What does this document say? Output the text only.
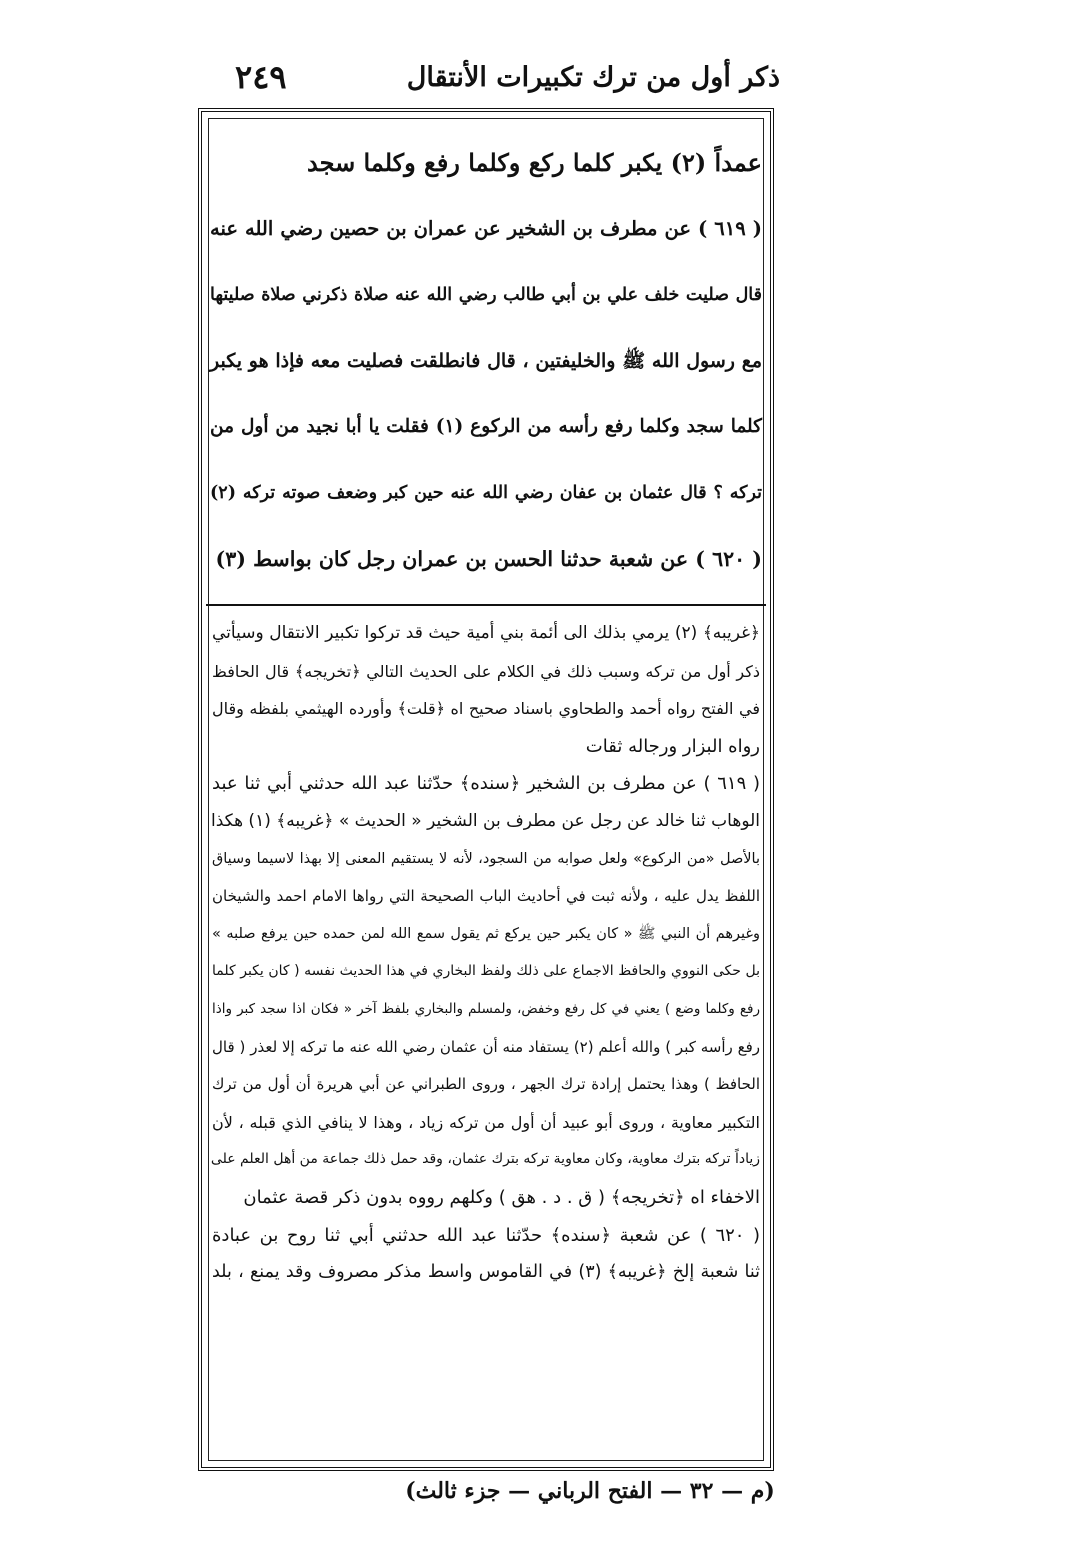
ذكر أول من ترك تكبيرات الأنتقال
٢٤٩

عمداً (٢) يكبر كلما ركع وكلما رفع وكلما سجد

( ٦١٩ ) عن مطرف بن الشخير عن عمران بن حصين رضي الله عنه

قال صليت خلف علي بن أبي طالب رضي الله عنه صلاة ذكرني صلاة صليتها

مع رسول الله ﷺ والخليفتين ، قال فانطلقت فصليت معه فإذا هو يكبر

كلما سجد وكلما رفع رأسه من الركوع (١) فقلت يا أبا نجيد من أول من

تركه ؟ قال عثمان بن عفان رضي الله عنه حين كبر وضعف صوته تركه (٢)

( ٦٢٠ ) عن شعبة حدثنا الحسن بن عمران رجل كان بواسط (٣)

﴿غريبه﴾ (٢) يرمي بذلك الى أئمة بني أمية حيث قد تركوا تكبير الانتقال وسيأتي

ذكر أول من تركه وسبب ذلك في الكلام على الحديث التالي ﴿تخريجه﴾ قال الحافظ

في الفتح رواه أحمد والطحاوي باسناد صحيح اه ﴿قلت﴾ وأورده الهيثمي بلفظه وقال

رواه البزار ورجاله ثقات

( ٦١٩ ) عن مطرف بن الشخير ﴿سنده﴾ حدّثنا عبد الله حدثني أبي ثنا عبد

الوهاب ثنا خالد عن رجل عن مطرف بن الشخير « الحديث » ﴿غريبه﴾ (١) هكذا

بالأصل «من الركوع» ولعل صوابه من السجود، لأنه لا يستقيم المعنى إلا بهذا لاسيما وسياق

اللفظ يدل عليه ، ولأنه ثبت في أحاديث الباب الصحيحة التي رواها الامام احمد والشيخان

وغيرهم أن النبي ﷺ « كان يكبر حين يركع ثم يقول سمع الله لمن حمده حين يرفع صلبه »

بل حكى النووي والحافظ الاجماع على ذلك ولفظ البخاري في هذا الحديث نفسه ( كان يكبر كلما

رفع وكلما وضع ) يعني في كل رفع وخفض، ولمسلم والبخاري بلفظ آخر « فكان اذا سجد كبر واذا

رفع رأسه كبر ) والله أعلم (٢) يستفاد منه أن عثمان رضي الله عنه ما تركه إلا لعذر ( قال

الحافظ ) وهذا يحتمل إرادة ترك الجهر ، وروى الطبراني عن أبي هريرة أن أول من ترك

التكبير معاوية ، وروى أبو عبيد أن أول من تركه زياد ، وهذا لا ينافي الذي قبله ، لأن

زياداً تركه بترك معاوية، وكان معاوية تركه بترك عثمان، وقد حمل ذلك جماعة من أهل العلم على

الاخفاء اه ﴿تخريجه﴾ ( ق . د . هق ) وكلهم رووه بدون ذكر قصة عثمان

( ٦٢٠ ) عن شعبة ﴿سنده﴾ حدّثنا عبد الله حدثني أبي ثنا روح بن عبادة

ثنا شعبة إلخ ﴿غريبه﴾ (٣) في القاموس واسط مذكر مصروف وقد يمنع ، بلد

(م — ٣٢ — الفتح الرباني — جزء ثالث)
